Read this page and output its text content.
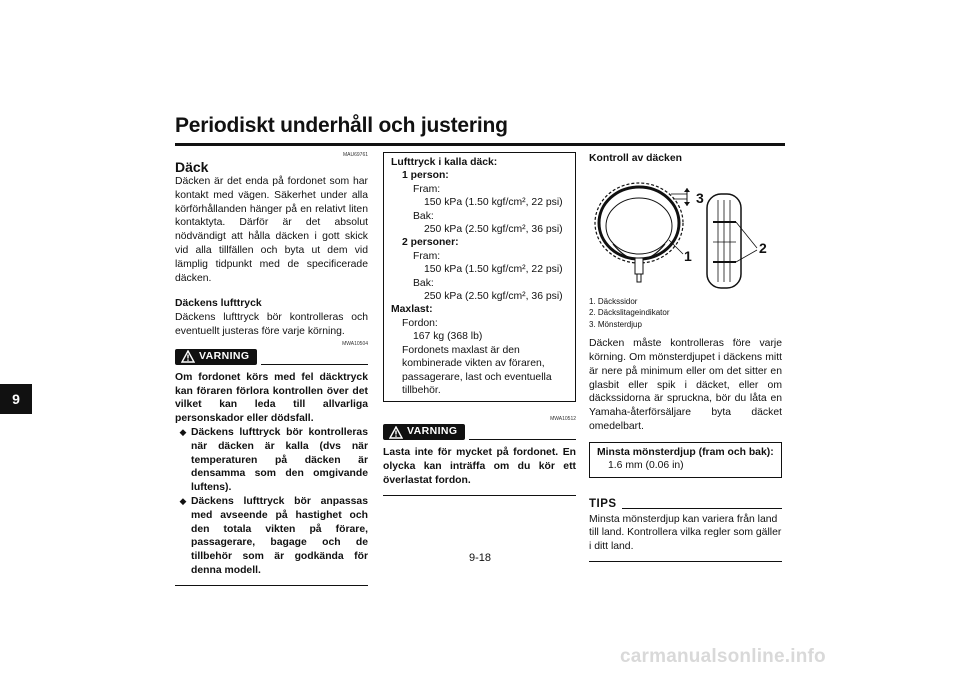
Periodiskt underhåll och justering
9
MAU69761
Däck

Däcken är det enda på fordonet som har kontakt med vägen. Säkerhet under alla körförhållanden hänger på en relativt liten kontaktyta. Därför är det absolut nödvändigt att hålla däcken i gott skick vid alla tillfällen och byta ut dem vid lämplig tidpunkt med de specificerade däcken.

Däckens lufttryck

Däckens lufttryck bör kontrolleras och eventuellt justeras före varje körning.

MWA10504
VARNING

Om fordonet körs med fel däcktryck kan föraren förlora kontrollen över det vilket kan leda till allvarliga personskador eller dödsfall.

◆ Däckens lufttryck bör kontrolleras när däcken är kalla (dvs när temperaturen på däcken är densamma som den omgivande luftens).
◆ Däckens lufttryck bör anpassas med avseende på hastighet och den totala vikten på förare, passagerare, bagage och de tillbehör som är godkända för denna modell.
Lufttryck i kalla däck:
1 person:
Fram:
150 kPa (1.50 kgf/cm², 22 psi)
Bak:
250 kPa (2.50 kgf/cm², 36 psi)
2 personer:
Fram:
150 kPa (1.50 kgf/cm², 22 psi)
Bak:
250 kPa (2.50 kgf/cm², 36 psi)
Maxlast:
Fordon:
167 kg (368 lb)
Fordonets maxlast är den kombinerade vikten av föraren, passagerare, last och eventuella tillbehör.
MWA10512
VARNING

Lasta inte för mycket på fordonet. En olycka kan inträffa om du kör ett överlastat fordon.

Kontroll av däcken
3
1	2
1. Däckssidor
2. Däckslitageindikator
3. Mönsterdjup

Däcken måste kontrolleras före varje körning. Om mönsterdjupet i däckens mitt är nere på minimum eller om det sitter en glasbit eller spik i däcket, eller om däckssidorna är spruckna, bör du låta en Yamaha-återförsäljare byta däcket omedelbart.

Minsta mönsterdjup (fram och bak):
1.6 mm (0.06 in)
TIPS

Minsta mönsterdjup kan variera från land till land. Kontrollera vilka regler som gäller i ditt land.

9-18
carmanualsonline.info
